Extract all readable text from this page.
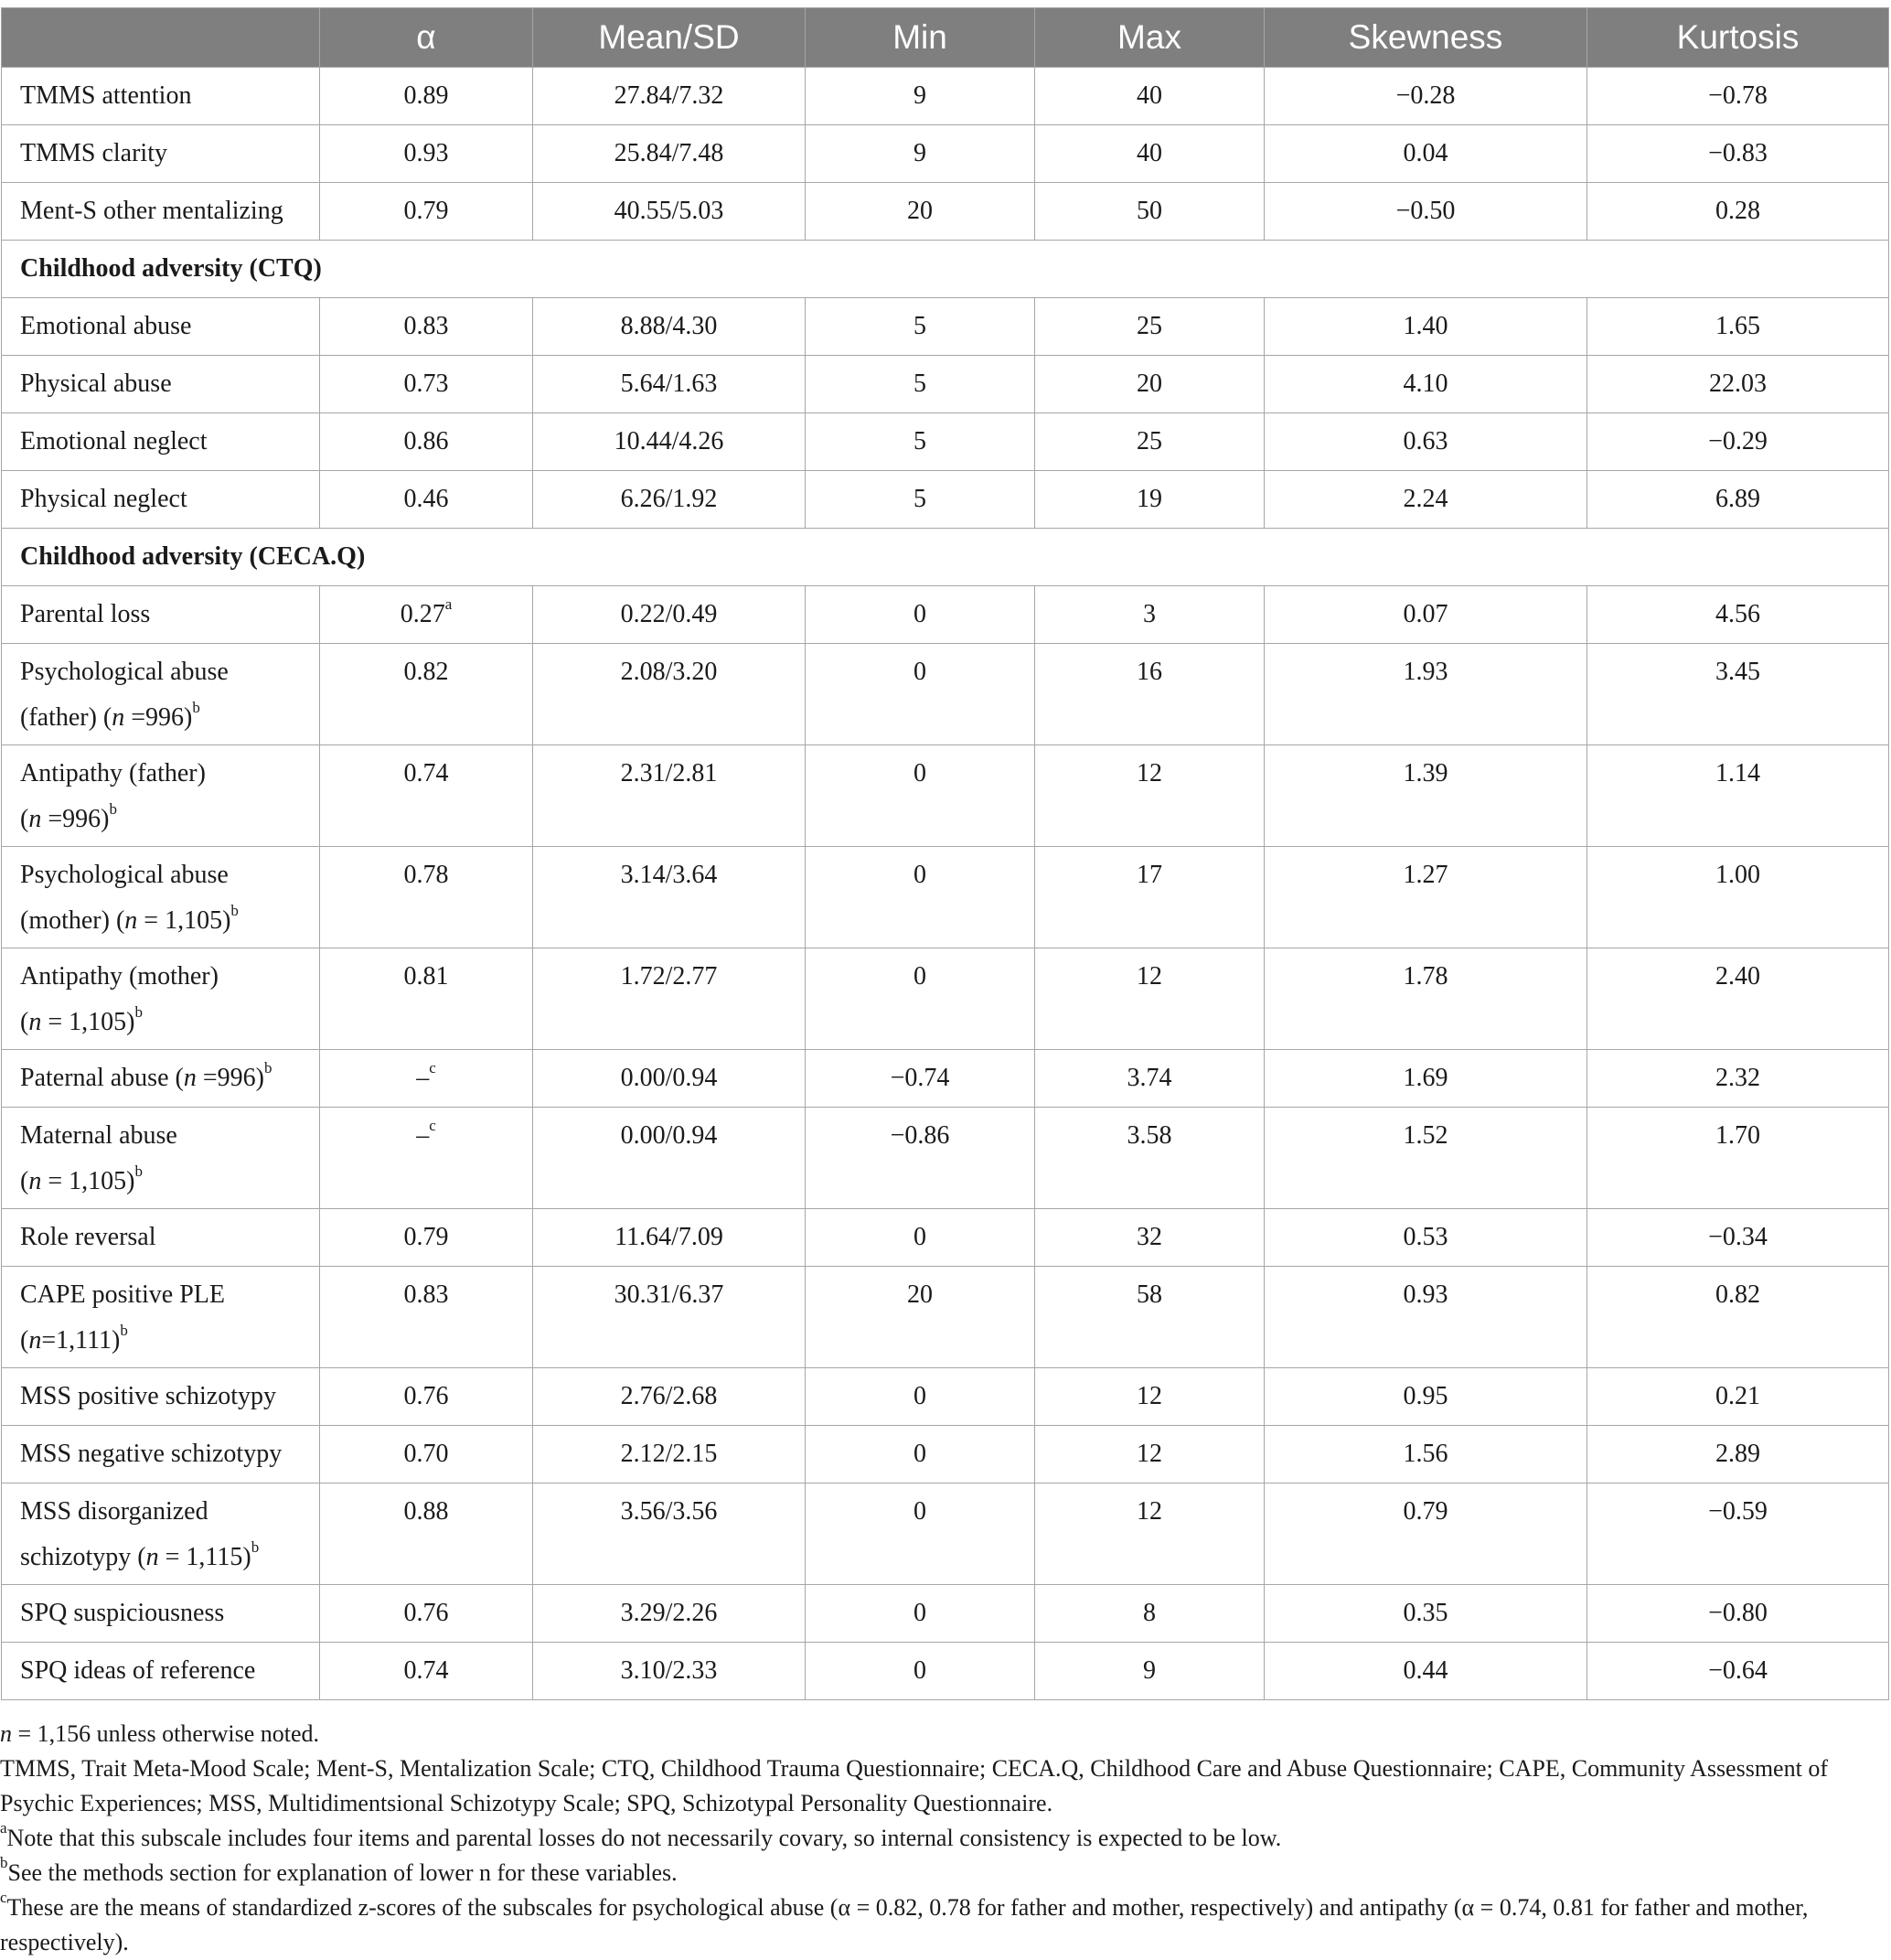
	α	Mean/SD	Min	Max	Skewness	Kurtosis
TMMS attention	0.89	27.84/7.32	9	40	−0.28	−0.78
TMMS clarity	0.93	25.84/7.48	9	40	0.04	−0.83
Ment-S other mentalizing	0.79	40.55/5.03	20	50	−0.50	0.28
Childhood adversity (CTQ)						
Emotional abuse	0.83	8.88/4.30	5	25	1.40	1.65
Physical abuse	0.73	5.64/1.63	5	20	4.10	22.03
Emotional neglect	0.86	10.44/4.26	5	25	0.63	−0.29
Physical neglect	0.46	6.26/1.92	5	19	2.24	6.89
Childhood adversity (CECA.Q)						
Parental loss	0.27$^a$	0.22/0.49	0	3	0.07	4.56

Psychological abuse
(father) (n =996)$^b$	0.82	2.08/3.20	0	16	1.93	3.45

Antipathy (father)
(n =996)$^b$	0.74	2.31/2.81	0	12	1.39	1.14

Psychological abuse
(mother) (n = 1,105)$^b$	0.78	3.14/3.64	0	17	1.27	1.00

Antipathy (mother)
(n = 1,105)$^b$	0.81	1.72/2.77	0	12	1.78	2.40
Paternal abuse (n =996)$^b$	–$^c$	0.00/0.94	−0.74	3.74	1.69	2.32

Maternal abuse
(n = 1,105)$^b$	–$^c$	0.00/0.94	−0.86	3.58	1.52	1.70
Role reversal	0.79	11.64/7.09	0	32	0.53	−0.34

CAPE positive PLE
(n=1,111)$^b$	0.83	30.31/6.37	20	58	0.93	0.82
MSS positive schizotypy	0.76	2.76/2.68	0	12	0.95	0.21
MSS negative schizotypy	0.70	2.12/2.15	0	12	1.56	2.89

MSS disorganized
schizotypy (n = 1,115)$^b$	0.88	3.56/3.56	0	12	0.79	−0.59
SPQ suspiciousness	0.76	3.29/2.26	0	8	0.35	−0.80
SPQ ideas of reference	0.74	3.10/2.33	0	9	0.44	−0.64

n = 1,156 unless otherwise noted.

TMMS, Trait Meta-Mood Scale; Ment-S, Mentalization Scale; CTQ, Childhood Trauma Questionnaire; CECA.Q, Childhood Care and Abuse Questionnaire; CAPE, Community Assessment of Psychic Experiences; MSS, Multidimentsional Schizotypy Scale; SPQ, Schizotypal Personality Questionnaire.

$^a$Note that this subscale includes four items and parental losses do not necessarily covary, so internal consistency is expected to be low.

$^b$See the methods section for explanation of lower n for these variables.

$^c$These are the means of standardized z-scores of the subscales for psychological abuse (α = 0.82, 0.78 for father and mother, respectively) and antipathy (α = 0.74, 0.81 for father and mother, respectively).
